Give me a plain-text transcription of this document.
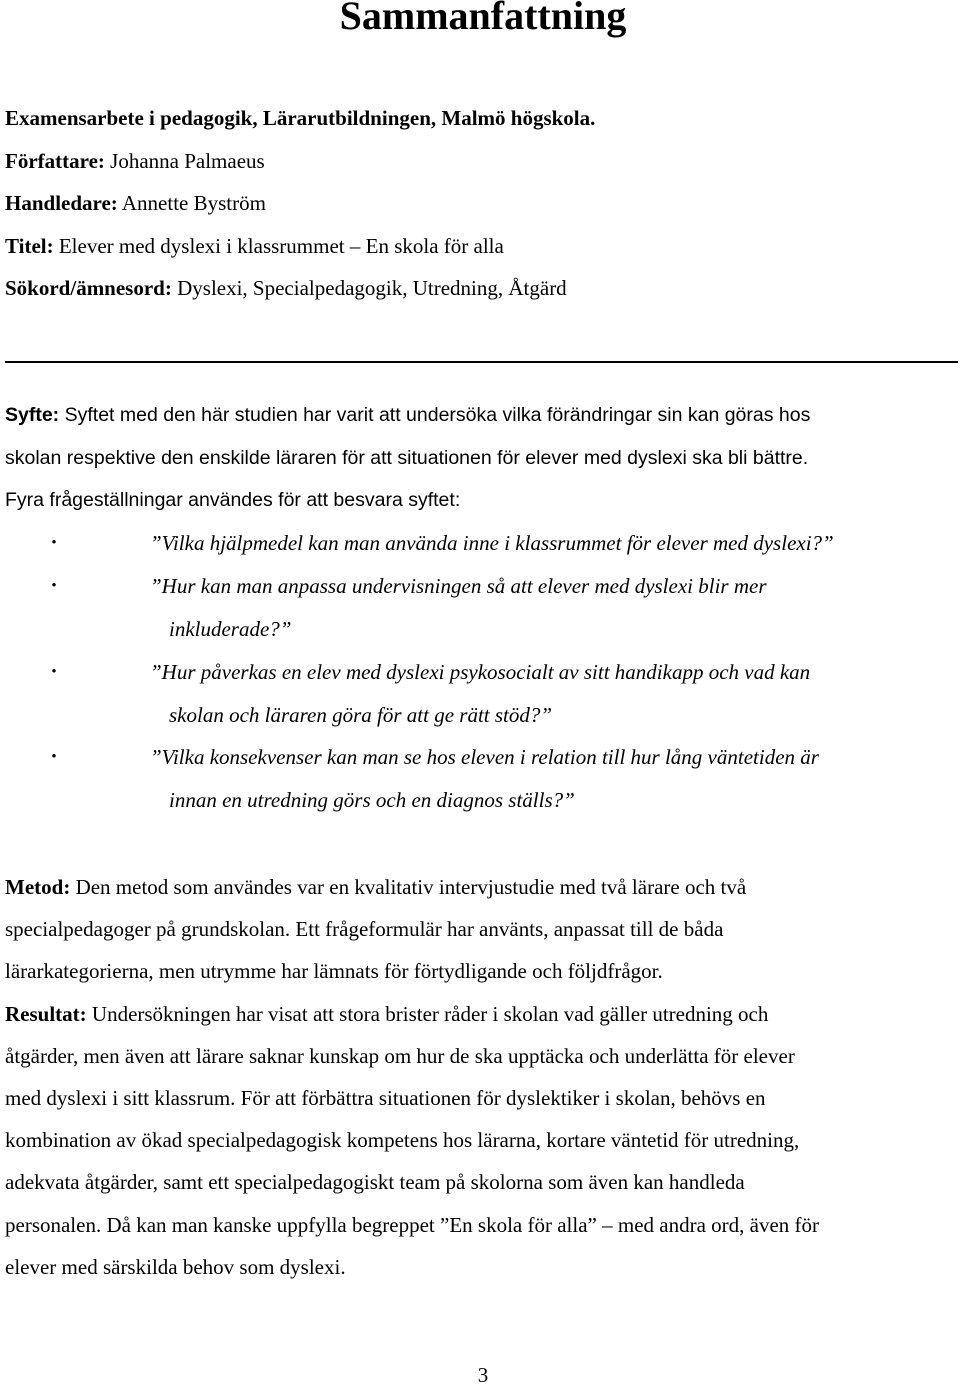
Sammanfattning
Examensarbete i pedagogik, Lärarutbildningen, Malmö högskola.
Författare: Johanna Palmaeus
Handledare: Annette Byström
Titel: Elever med dyslexi i klassrummet – En skola för alla
Sökord/ämnesord: Dyslexi, Specialpedagogik, Utredning, Åtgärd
Syfte: Syftet med den här studien har varit att undersöka vilka förändringar sin kan göras hos
skolan respektive den enskilde läraren för att situationen för elever med dyslexi ska bli bättre.
Fyra frågeställningar användes för att besvara syftet:
•	”Vilka hjälpmedel kan man använda inne i klassrummet för elever med dyslexi?”
•	”Hur kan man anpassa undervisningen så att elever med dyslexi blir mer
inkluderade?”
•	”Hur påverkas en elev med dyslexi psykosocialt av sitt handikapp och vad kan
skolan och läraren göra för att ge rätt stöd?”
•	”Vilka konsekvenser kan man se hos eleven i relation till hur lång väntetiden är
innan en utredning görs och en diagnos ställs?”
Metod: Den metod som användes var en kvalitativ intervjustudie med två lärare och två
specialpedagoger på grundskolan. Ett frågeformulär har använts, anpassat till de båda
lärarkategorierna, men utrymme har lämnats för förtydligande och följdfrågor.
Resultat: Undersökningen har visat att stora brister råder i skolan vad gäller utredning och
åtgärder, men även att lärare saknar kunskap om hur de ska upptäcka och underlätta för elever
med dyslexi i sitt klassrum. För att förbättra situationen för dyslektiker i skolan, behövs en
kombination av ökad specialpedagogisk kompetens hos lärarna, kortare väntetid för utredning,
adekvata åtgärder, samt ett specialpedagogiskt team på skolorna som även kan handleda
personalen. Då kan man kanske uppfylla begreppet ”En skola för alla” – med andra ord, även för
elever med särskilda behov som dyslexi.
3
